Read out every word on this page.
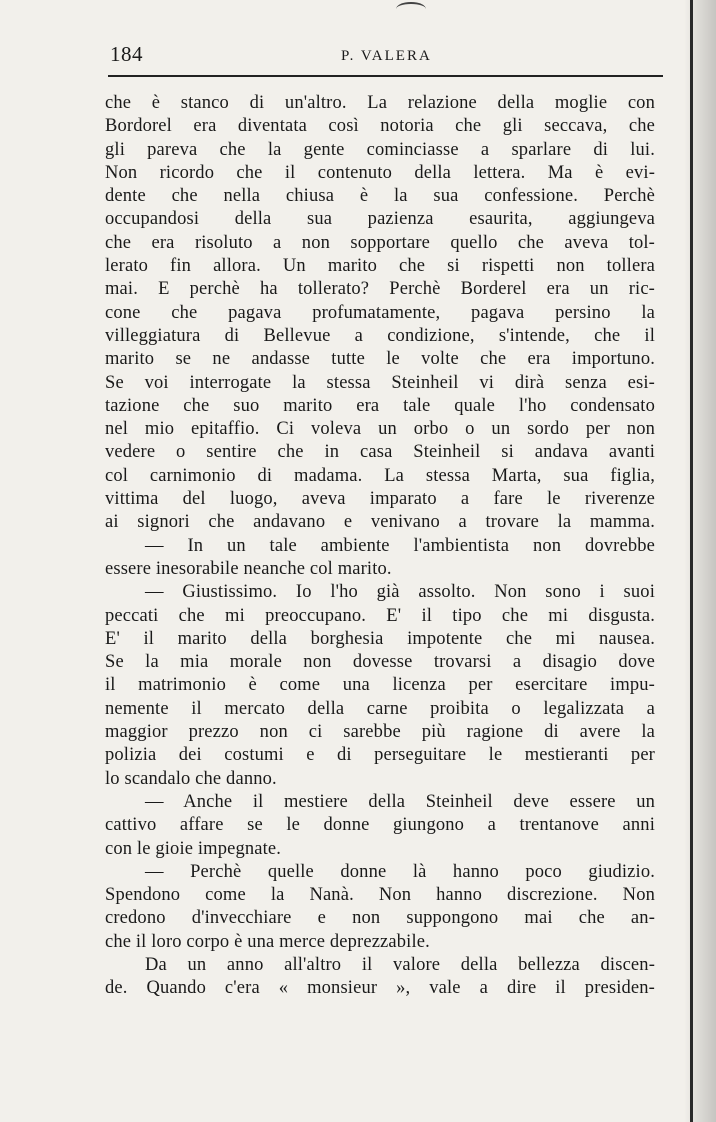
184	P. VALERA
che è stanco di un'altro. La relazione della moglie con
Bordorel era diventata così notoria che gli seccava, che
gli pareva che la gente cominciasse a sparlare di lui.
Non ricordo che il contenuto della lettera. Ma è evi-
dente che nella chiusa è la sua confessione. Perchè
occupandosi della sua pazienza esaurita, aggiungeva
che era risoluto a non sopportare quello che aveva tol-
lerato fin allora. Un marito che si rispetti non tollera
mai. E perchè ha tollerato? Perchè Borderel era un ric-
cone che pagava profumatamente, pagava persino la
villeggiatura di Bellevue a condizione, s'intende, che il
marito se ne andasse tutte le volte che era importuno.
Se voi interrogate la stessa Steinheil vi dirà senza esi-
tazione che suo marito era tale quale l'ho condensato
nel mio epitaffio. Ci voleva un orbo o un sordo per non
vedere o sentire che in casa Steinheil si andava avanti
col carnimonio di madama. La stessa Marta, sua figlia,
vittima del luogo, aveva imparato a fare le riverenze
ai signori che andavano e venivano a trovare la mamma.
— In un tale ambiente l'ambientista non dovrebbe
essere inesorabile neanche col marito.
— Giustissimo. Io l'ho già assolto. Non sono i suoi
peccati che mi preoccupano. E' il tipo che mi disgusta.
E' il marito della borghesia impotente che mi nausea.
Se la mia morale non dovesse trovarsi a disagio dove
il matrimonio è come una licenza per esercitare impu-
nemente il mercato della carne proibita o legalizzata a
maggior prezzo non ci sarebbe più ragione di avere la
polizia dei costumi e di perseguitare le mestieranti per
lo scandalo che danno.
— Anche il mestiere della Steinheil deve essere un
cattivo affare se le donne giungono a trentanove anni
con le gioie impegnate.
— Perchè quelle donne là hanno poco giudizio.
Spendono come la Nanà. Non hanno discrezione. Non
credono d'invecchiare e non suppongono mai che an-
che il loro corpo è una merce deprezzabile.
Da un anno all'altro il valore della bellezza discen-
de. Quando c'era « monsieur », vale a dire il presiden-
